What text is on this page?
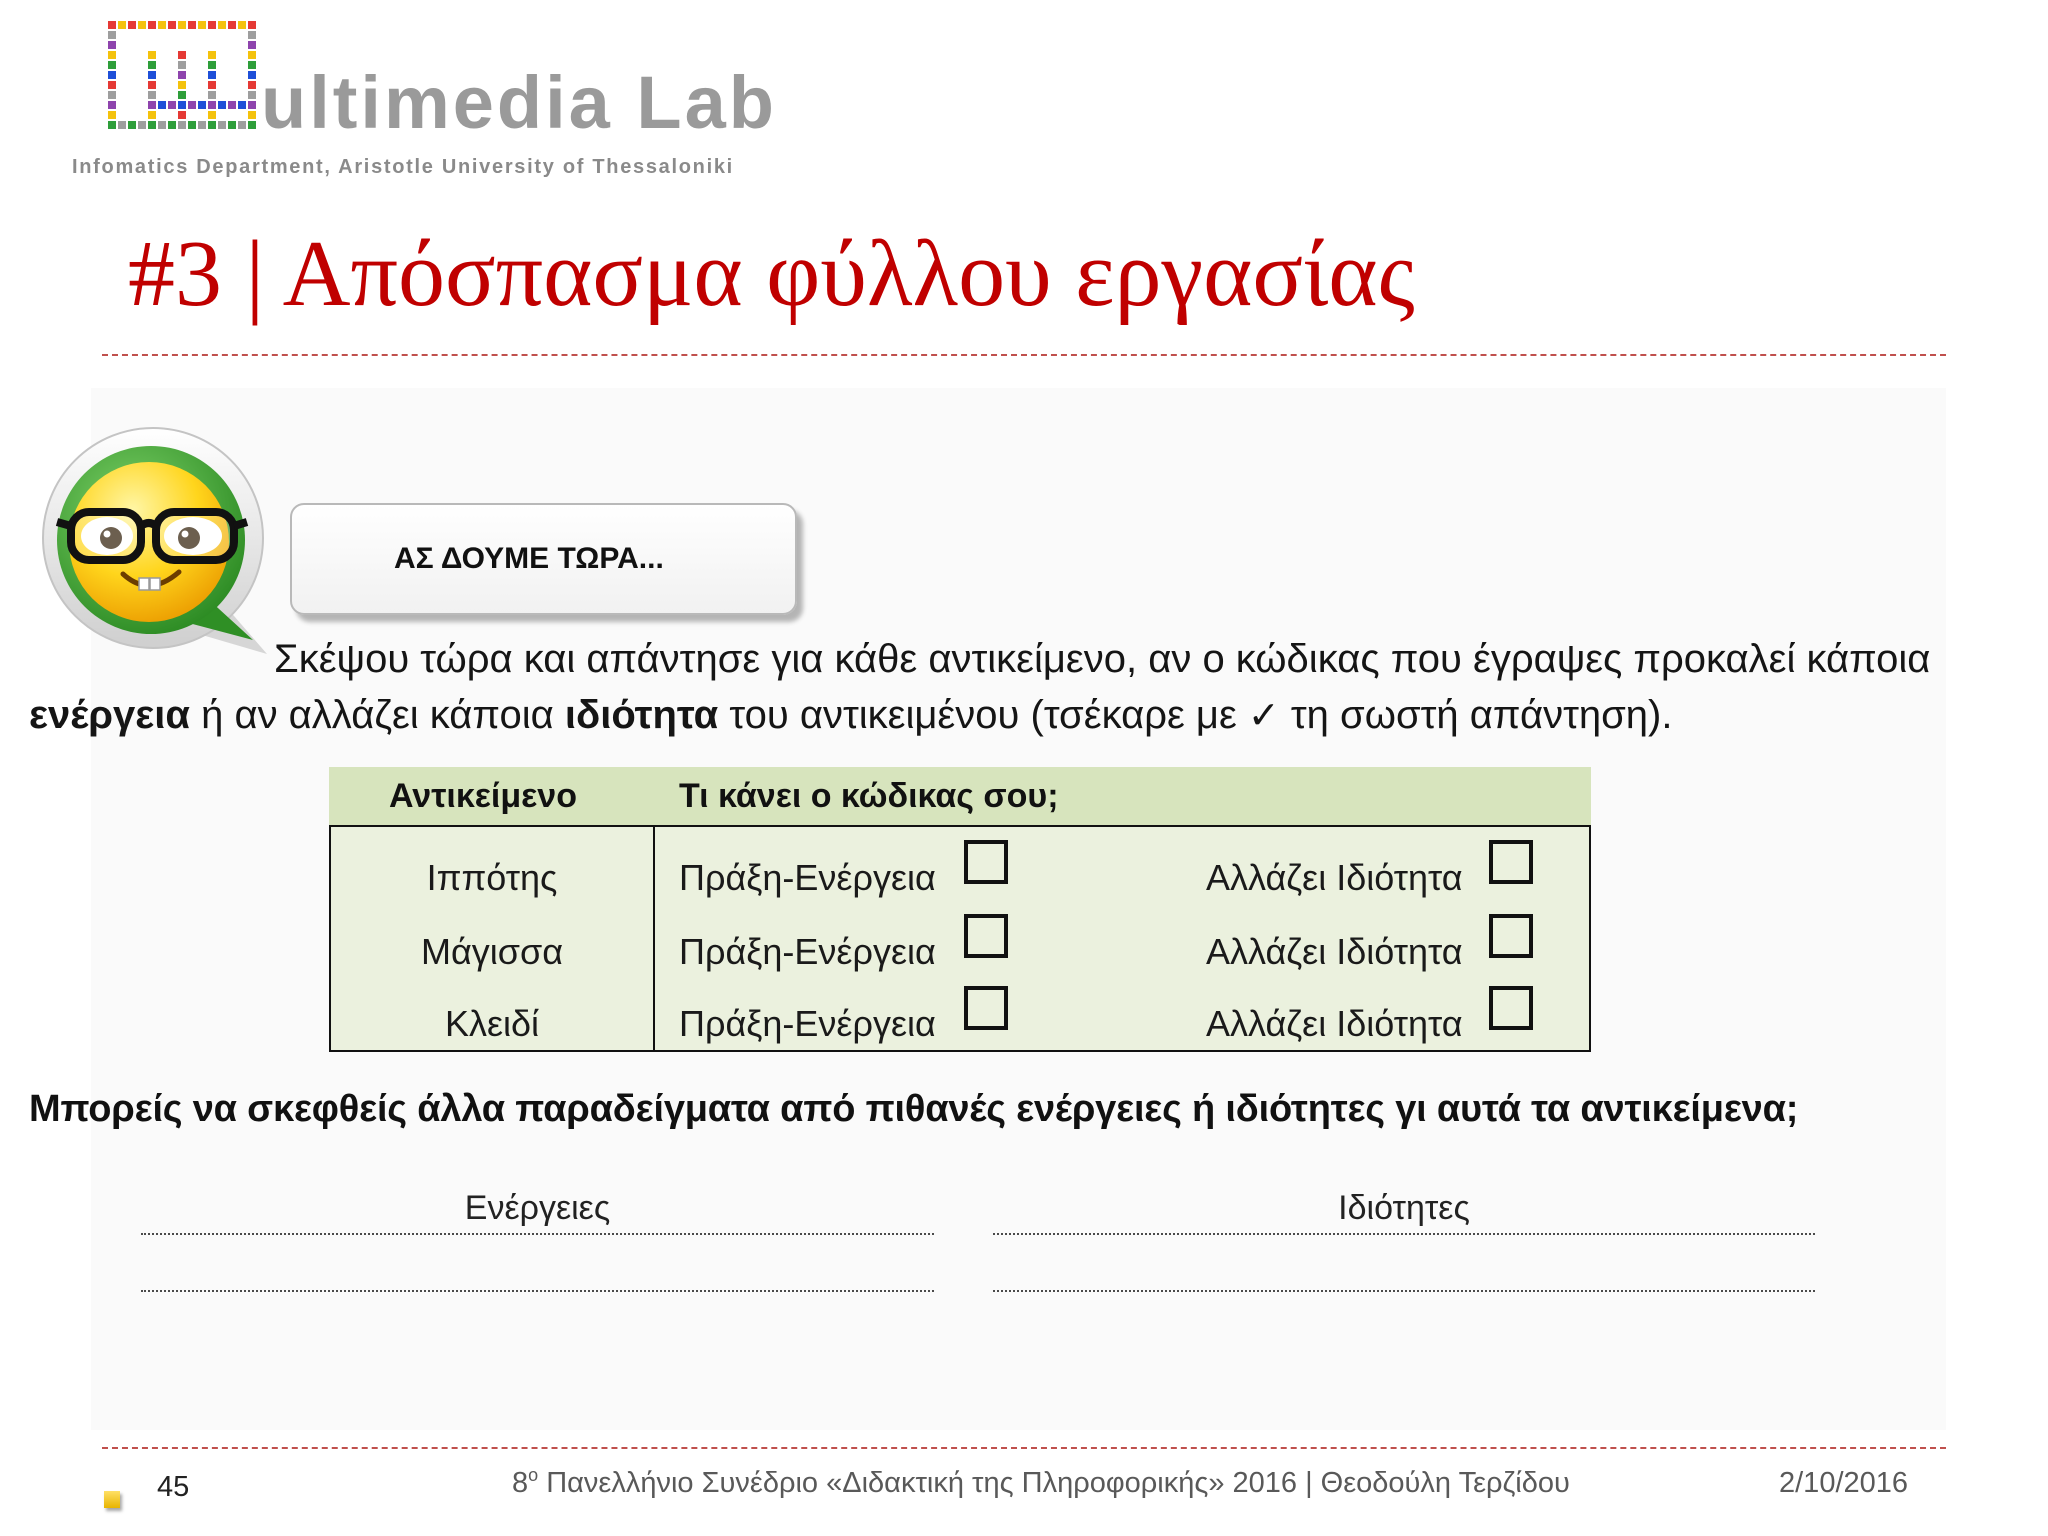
ultimedia Lab
Infomatics Department, Aristotle University of Thessaloniki
#3 | Απόσπασμα φύλλου εργασίας
ΑΣ ΔΟΥΜΕ ΤΩΡΑ...
Σκέψου τώρα και απάντησε για κάθε αντικείμενο, αν ο κώδικας που έγραψες προκαλεί κάποια
ενέργεια ή αν αλλάζει κάποια ιδιότητα του αντικειμένου (τσέκαρε με ✓ τη σωστή απάντηση).
Αντικείμενο	Τι κάνει ο κώδικας σου;
Ιππότης	Πράξη-Ενέργεια	Αλλάζει Ιδιότητα
Μάγισσα	Πράξη-Ενέργεια	Αλλάζει Ιδιότητα
Κλειδί	Πράξη-Ενέργεια	Αλλάζει Ιδιότητα
Μπορείς να σκεφθείς άλλα παραδείγματα από πιθανές ενέργειες ή ιδιότητες γι αυτά τα αντικείμενα;
Ενέργειες	Ιδιότητες
45	$8^o$ Πανελλήνιο Συνέδριο «Διδακτική της Πληροφορικής» 2016 | Θεοδούλη Τερζίδου	2/10/2016
